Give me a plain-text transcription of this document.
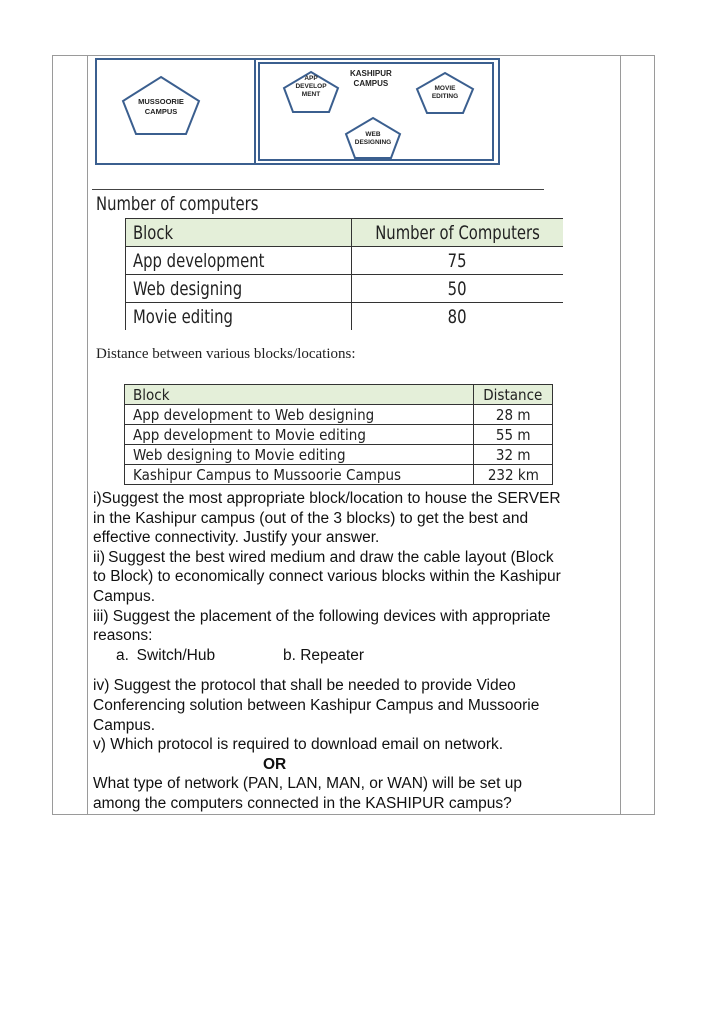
MUSSOORIE
CAMPUS
KASHIPUR
CAMPUS
APP
DEVELOP
MENT
MOVIE
EDITING
WEB
DESIGNING
Number of computers
Block	Number of Computers
App development	75
Web designing	50
Movie editing	80
Distance between various blocks/locations:
Block	Distance
App development to Web designing	28 m
App development to Movie editing	55 m
Web designing to Movie editing	32 m
Kashipur Campus to Mussoorie Campus	232 km

i)Suggest the most appropriate block/location to house the SERVER

in the Kashipur campus (out of the 3 blocks) to get the best and

effective connectivity. Justify your answer.

ii) Suggest the best wired medium and draw the cable layout (Block

to Block) to economically connect various blocks within the Kashipur

Campus.

iii) Suggest the placement of the following devices with appropriate

reasons:

a. Switch/Hub	b. Repeater

iv) Suggest the protocol that shall be needed to provide Video

Conferencing solution between Kashipur Campus and Mussoorie

Campus.

v) Which protocol is required to download email on network.

OR

What type of network (PAN, LAN, MAN, or WAN) will be set up

among the computers connected in the KASHIPUR campus?
